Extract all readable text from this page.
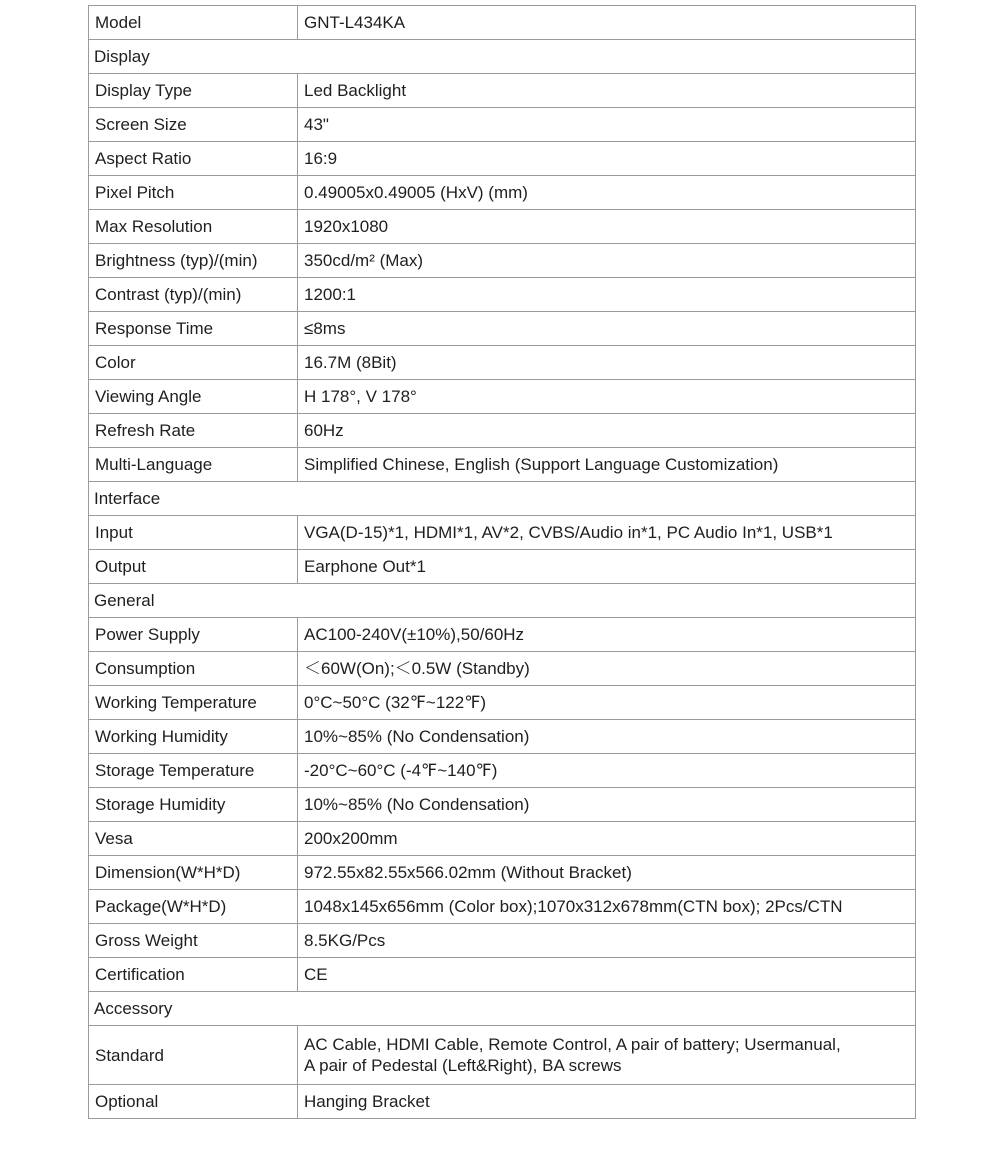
Model	GNT-L434KA
Display	
Display Type	Led Backlight
Screen Size	43"
Aspect Ratio	16:9
Pixel Pitch	0.49005x0.49005 (HxV) (mm)
Max Resolution	1920x1080
Brightness (typ)/(min)	350cd/m² (Max)
Contrast (typ)/(min)	1200:1
Response Time	≤8ms
Color	16.7M (8Bit)
Viewing Angle	H 178°, V 178°
Refresh Rate	60Hz
Multi-Language	Simplified Chinese, English (Support Language Customization)
Interface	
Input	VGA(D-15)*1, HDMI*1, AV*2, CVBS/Audio in*1, PC Audio In*1, USB*1
Output	Earphone Out*1
General	
Power Supply	AC100-240V(±10%),50/60Hz
Consumption	＜60W(On);＜0.5W (Standby)
Working Temperature	0°C~50°C (32℉~122℉)
Working Humidity	10%~85% (No Condensation)
Storage Temperature	-20°C~60°C (-4℉~140℉)
Storage Humidity	10%~85% (No Condensation)
Vesa	200x200mm
Dimension(W*H*D)	972.55x82.55x566.02mm (Without Bracket)
Package(W*H*D)	1048x145x656mm (Color box);1070x312x678mm(CTN box); 2Pcs/CTN
Gross Weight	8.5KG/Pcs
Certification	CE
Accessory	
Standard	AC Cable, HDMI Cable, Remote Control, A pair of battery; Usermanual,
A pair of Pedestal (Left&Right), BA screws

Optional	Hanging Bracket
